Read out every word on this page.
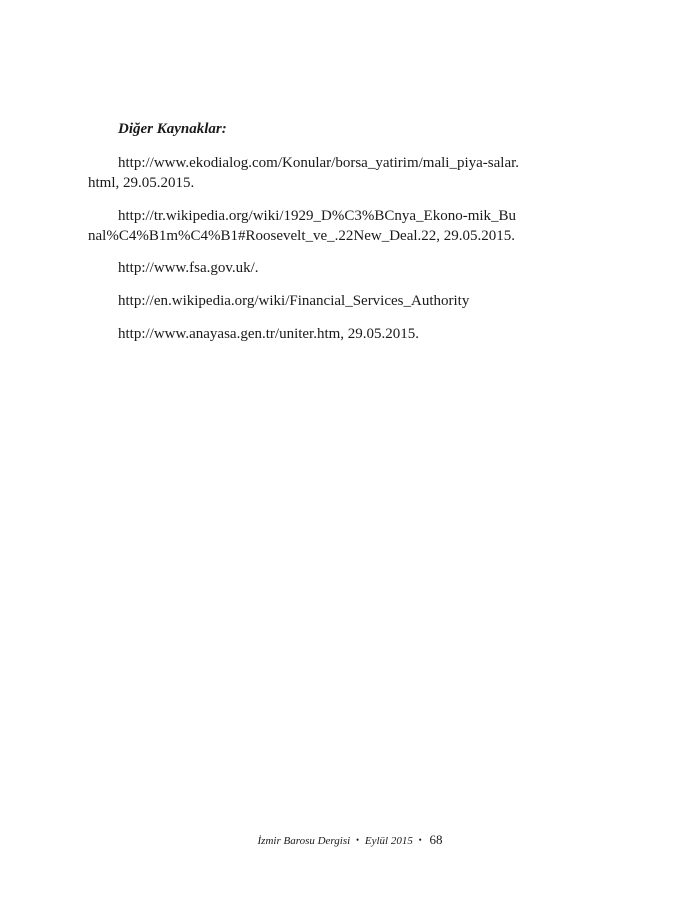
Diğer Kaynaklar:

http://www.ekodialog.com/Konular/borsa_yatirim/mali_piya-salar.html, 29.05.2015.

http://tr.wikipedia.org/wiki/1929_D%C3%BCnya_Ekono-mik_Bunal%C4%B1m%C4%B1#Roosevelt_ve_.22New_Deal.22, 29.05.2015.

http://www.fsa.gov.uk/.

http://en.wikipedia.org/wiki/Financial_Services_Authority

http://www.anayasa.gen.tr/uniter.htm, 29.05.2015.

İzmir Barosu Dergisi • Eylül 2015 • 68
